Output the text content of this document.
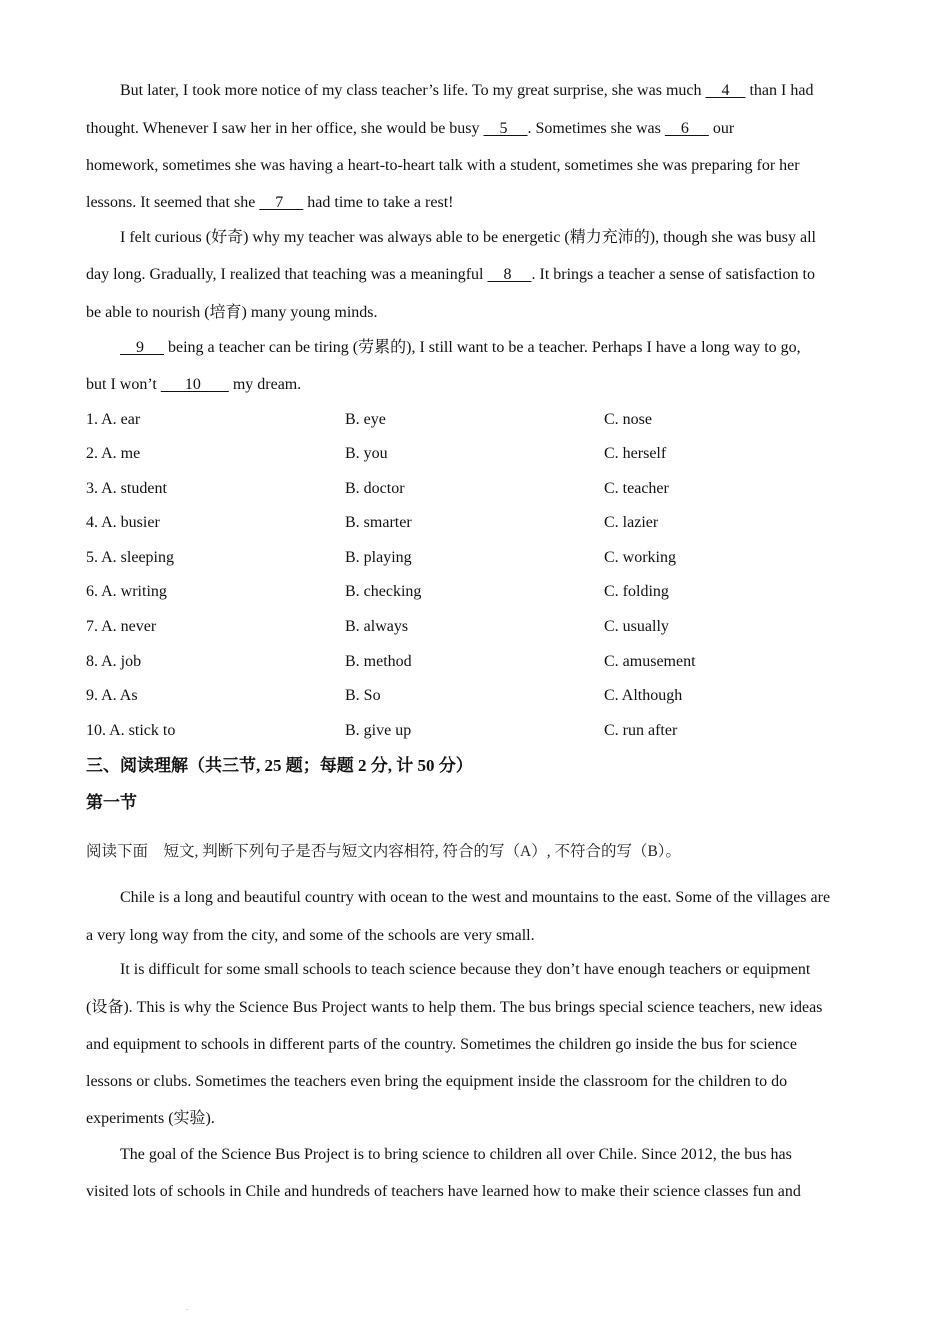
But later, I took more notice of my class teacher’s life. To my great surprise, she was much     4     than I had
thought. Whenever I saw her in her office, she would be busy     5     . Sometimes she was     6      our
homework, sometimes she was having a heart-to-heart talk with a student, sometimes she was preparing for her
lessons. It seemed that she     7      had time to take a rest!
I felt curious (好奇) why my teacher was always able to be energetic (精力充沛的), though she was busy all
day long. Gradually, I realized that teaching was a meaningful     8     . It brings a teacher a sense of satisfaction to
be able to nourish (培育) many young minds.
9      being a teacher can be tiring (劳累的), I still want to be a teacher. Perhaps I have a long way to go,
but I won’t       10        my dream.
1. A. ear	B. eye	C. nose
2. A. me	B. you	C. herself
3. A. student	B. doctor	C. teacher
4. A. busier	B. smarter	C. lazier
5. A. sleeping	B. playing	C. working
6. A. writing	B. checking	C. folding
7. A. never	B. always	C. usually
8. A. job	B. method	C. amusement
9. A. As	B. So	C. Although
10. A. stick to	B. give up	C. run after
三、阅读理解（共三节, 25 题；每题 2 分, 计 50 分）
第一节
阅读下面　短文, 判断下列句子是否与短文内容相符, 符合的写（A）, 不符合的写（B）。
Chile is a long and beautiful country with ocean to the west and mountains to the east. Some of the villages are
a very long way from the city, and some of the schools are very small.
It is difficult for some small schools to teach science because they don’t have enough teachers or equipment
(设备). This is why the Science Bus Project wants to help them. The bus brings special science teachers, new ideas
and equipment to schools in different parts of the country. Sometimes the children go inside the bus for science
lessons or clubs. Sometimes the teachers even bring the equipment inside the classroom for the children to do
experiments (实验).
The goal of the Science Bus Project is to bring science to children all over Chile. Since 2012, the bus has
visited lots of schools in Chile and hundreds of teachers have learned how to make their science classes fun and
.
